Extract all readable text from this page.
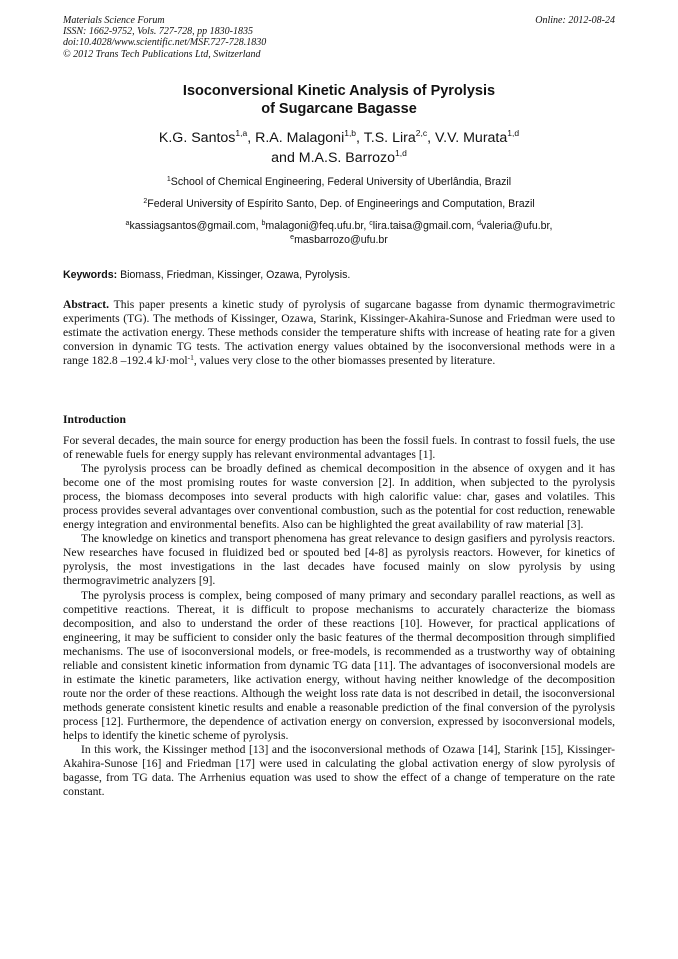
Materials Science Forum
ISSN: 1662-9752, Vols. 727-728, pp 1830-1835
doi:10.4028/www.scientific.net/MSF.727-728.1830
© 2012 Trans Tech Publications Ltd, Switzerland
Online: 2012-08-24
Isoconversional Kinetic Analysis of Pyrolysis
of Sugarcane Bagasse
K.G. Santos$^{1,a}$, R.A. Malagoni$^{1,b}$, T.S. Lira$^{2,c}$, V.V. Murata$^{1,d}$
and M.A.S. Barrozo$^{1,d}$
$^1$School of Chemical Engineering, Federal University of Uberlândia, Brazil
$^2$Federal University of Espírito Santo, Dep. of Engineerings and Computation, Brazil
$^a$kassiagsantos@gmail.com, $^b$malagoni@feq.ufu.br, $^c$lira.taisa@gmail.com, $^d$valeria@ufu.br,
$^e$masbarrozo@ufu.br
Keywords: Biomass, Friedman, Kissinger, Ozawa, Pyrolysis.

Abstract. This paper presents a kinetic study of pyrolysis of sugarcane bagasse from dynamic thermogravimetric experiments (TG). The methods of Kissinger, Ozawa, Starink, Kissinger-Akahira-Sunose and Friedman were used to estimate the activation energy. These methods consider the temperature shifts with increase of heating rate for a given conversion in dynamic TG tests. The activation energy values obtained by the isoconversional methods were in a range 182.8 –192.4 kJ·mol$^{-1}$, values very close to the other biomasses presented by literature.

Introduction

For several decades, the main source for energy production has been the fossil fuels. In contrast to fossil fuels, the use of renewable fuels for energy supply has relevant environmental advantages [1].

The pyrolysis process can be broadly defined as chemical decomposition in the absence of oxygen and it has become one of the most promising routes for waste conversion [2]. In addition, when subjected to the pyrolysis process, the biomass decomposes into several products with high calorific value: char, gases and volatiles. This process provides several advantages over conventional combustion, such as the potential for cost reduction, renewable energy integration and environmental benefits. Also can be highlighted the great availability of raw material [3].

The knowledge on kinetics and transport phenomena has great relevance to design gasifiers and pyrolysis reactors. New researches have focused in fluidized bed or spouted bed [4-8] as pyrolysis reactors. However, for kinetics of pyrolysis, the most investigations in the last decades have focused mainly on slow pyrolysis by using thermogravimetric analyzers [9].

The pyrolysis process is complex, being composed of many primary and secondary parallel reactions, as well as competitive reactions. Thereat, it is difficult to propose mechanisms to accurately characterize the biomass decomposition, and also to understand the order of these reactions [10]. However, for practical applications of engineering, it may be sufficient to consider only the basic features of the thermal decomposition through simplified mechanisms. The use of isoconversional models, or free-models, is recommended as a trustworthy way of obtaining reliable and consistent kinetic information from dynamic TG data [11]. The advantages of isoconversional models are in estimate the kinetic parameters, like activation energy, without having neither knowledge of the decomposition route nor the order of these reactions. Although the weight loss rate data is not described in detail, the isoconversional methods generate consistent kinetic results and enable a reasonable prediction of the final conversion of the pyrolysis process [12]. Furthermore, the dependence of activation energy on conversion, expressed by isoconversional models, helps to identify the kinetic scheme of pyrolysis.

In this work, the Kissinger method [13] and the isoconversional methods of Ozawa [14], Starink [15], Kissinger-Akahira-Sunose [16] and Friedman [17] were used in calculating the global activation energy of slow pyrolysis of bagasse, from TG data. The Arrhenius equation was used to show the effect of a change of temperature on the rate constant.
